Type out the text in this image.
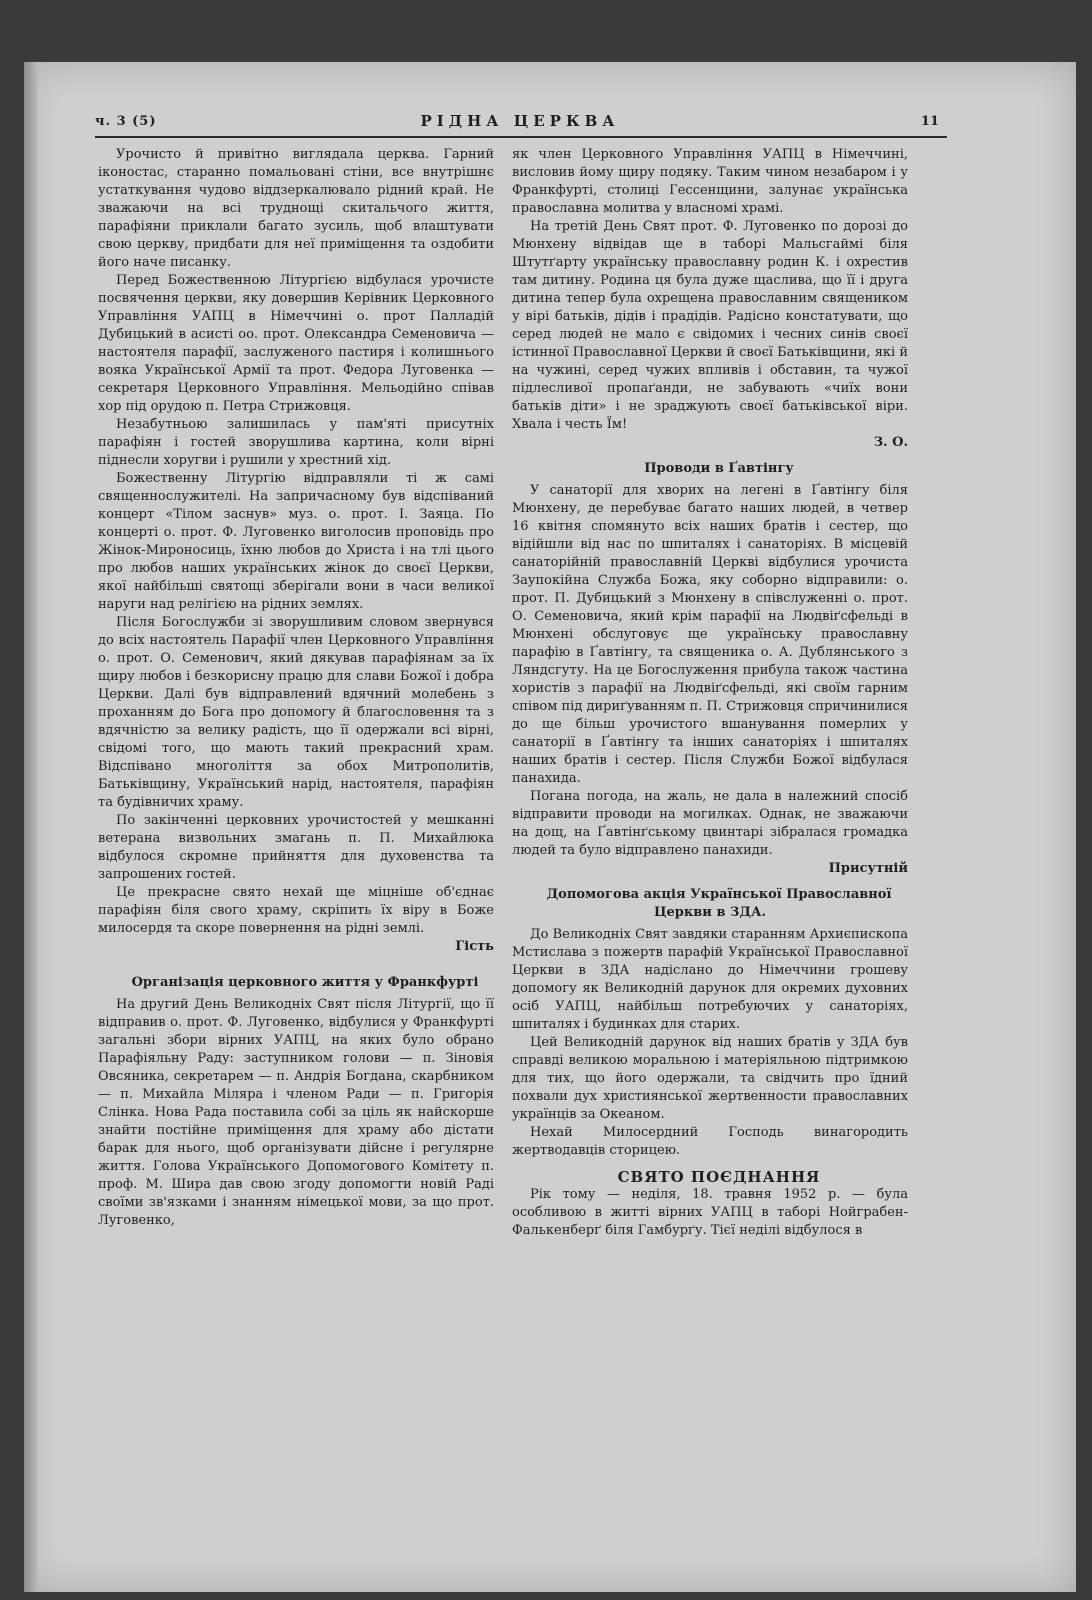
ч. 3 (5)	РІДНА ЦЕРКВА	11

Урочисто й привітно виглядала церква. Гарний іконостас, старанно помальовані стіни, все внутрішнє устаткування чудово віддзеркалювало рідний край. Не зважаючи на всі труднощі скитальчого життя, парафіяни приклали багато зусиль, щоб влаштувати свою церкву, придбати для неї приміщення та оздобити його наче писанку.

Перед Божественною Літургією відбулася урочисте посвячення церкви, яку довершив Керівник Церковного Управління УАПЦ в Німеччині о. прот Палладій Дубицький в асисті оо. прот. Олександра Семеновича — настоятеля парафії, заслуженого пастиря і колишнього вояка Української Армії та прот. Федора Луговенка — секретаря Церковного Управління. Мельодійно співав хор під орудою п. Петра Стрижовця.

Незабутньою залишилась у пам'яті присутніх парафіян і гостей зворушлива картина, коли вірні піднесли хоругви і рушили у хрестний хід.

Божественну Літургію відправляли ті ж самі священнослужителі. На запричасному був відспіваний концерт «Тілом заснув» муз. о. прот. І. Заяца. По концерті о. прот. Ф. Луговенко виголосив проповідь про Жінок-Мироносиць, їхню любов до Христа і на тлі цього про любов наших українських жінок до своєї Церкви, якої найбільші святощі зберігали вони в часи великої наруги над релігією на рідних землях.

Після Богослужби зі зворушливим словом звернувся до всіх настоятель Парафії член Церковного Управління о. прот. О. Семенович, який дякував парафіянам за їх щиру любов і безкорисну працю для слави Божої і добра Церкви. Далі був відправлений вдячний молебень з проханням до Бога про допомогу й благословення та з вдячністю за велику радість, що її одержали всі вірні, свідомі того, що мають такий прекрасний храм. Відспівано многоліття за обох Митрополитів, Батьківщину, Український нарід, настоятеля, парафіян та будівничих храму.

По закінченні церковних урочистостей у мешканні ветерана визвольних змагань п. П. Михайлюка відбулося скромне прийняття для духовенства та запрошених гостей.

Це прекрасне свято нехай ще міцніше об'єднає парафіян біля свого храму, скріпить їх віру в Боже милосердя та скоре повернення на рідні землі.

Гість

Організація церковного життя у Франкфурті

На другий День Великодніх Свят після Літургії, що її відправив о. прот. Ф. Луговенко, відбулися у Франкфурті загальні збори вірних УАПЦ, на яких було обрано Парафіяльну Раду: заступником голови — п. Зіновія Овсяника, секретарем — п. Андрія Богдана, скарбником — п. Михайла Міляра і членом Ради — п. Григорія Слінка. Нова Рада поставила собі за ціль як найскорше знайти постійне приміщення для храму або дістати барак для нього, щоб організувати дійсне і регулярне життя. Голова Українського Допомогового Комітету п. проф. М. Шира дав свою згоду допомогти новій Раді своїми зв'язками і знанням німецької мови, за що прот. Луговенко,

як член Церковного Управління УАПЦ в Німеччині, висловив йому щиру подяку. Таким чином незабаром і у Франкфурті, столиці Гессенщини, залунає українська православна молитва у власномі храмі.

На третій День Свят прот. Ф. Луговенко по дорозі до Мюнхену відвідав ще в таборі Мальсгаймі біля Штутґарту українську православну родин К. і охрестив там дитину. Родина ця була дуже щаслива, що її і друга дитина тепер була охрещена православним священиком у вірі батьків, дідів і прадідів. Радісно констатувати, що серед людей не мало є свідомих і чесних синів своєї істинної Православної Церкви й своєї Батьківщини, які й на чужині, серед чужих впливів і обставин, та чужої підлесливої пропаґанди, не забувають «чиїх вони батьків діти» і не зраджують своєї батьківської віри. Хвала і честь Їм!

З. О.

Проводи в Ґавтінгу

У санаторії для хворих на легені в Ґавтінгу біля Мюнхену, де перебуває багато наших людей, в четвер 16 квітня спомянуто всіх наших братів і сестер, що відійшли від нас по шпиталях і санаторіях. В місцевій санаторійній православній Церкві відбулися урочиста Заупокійна Служба Божа, яку соборно відправили: о. прот. П. Дубицький з Мюнхену в співслуженні о. прот. О. Семеновича, який крім парафії на Людвіґсфельді в Мюнхені обслуговує ще українську православну парафію в Ґавтінгу, та священика о. А. Дублянського з Ляндсгуту. На це Богослуження прибула також частина хористів з парафії на Людвіґсфельді, які своїм гарним співом під дириґуванням п. П. Стрижовця спричинилися до ще більш урочистого вшанування померлих у санаторії в Ґавтінгу та інших санаторіях і шпиталях наших братів і сестер. Після Служби Божої відбулася панахида.

Погана погода, на жаль, не дала в належний спосіб відправити проводи на могилках. Однак, не зважаючи на дощ, на Ґавтінґському цвинтарі зібралася громадка людей та було відправлено панахиди.

Присутній

Допомогова акція Української Православної Церкви в ЗДА.

До Великодніх Свят завдяки старанням Архиєпископа Мстислава з пожертв парафій Української Православної Церкви в ЗДА надіслано до Німеччини грошеву допомогу як Великодній дарунок для окремих духовних осіб УАПЦ, найбільш потребуючих у санаторіях, шпиталях і будинках для старих.

Цей Великодній дарунок від наших братів у ЗДА був справді великою моральною і матеріяльною підтримкою для тих, що його одержали, та свідчить про їдний похвали дух християнської жертвенности православних українців за Океаном.

Нехай Милосердний Господь винагородить жертводавців сторицею.

СВЯТО ПОЄДНАННЯ

Рік тому — неділя, 18. травня 1952 р. — була особливою в житті вірних УАПЦ в таборі Нойграбен-Фалькенберґ біля Гамбурґу. Тієї неділі відбулося в
